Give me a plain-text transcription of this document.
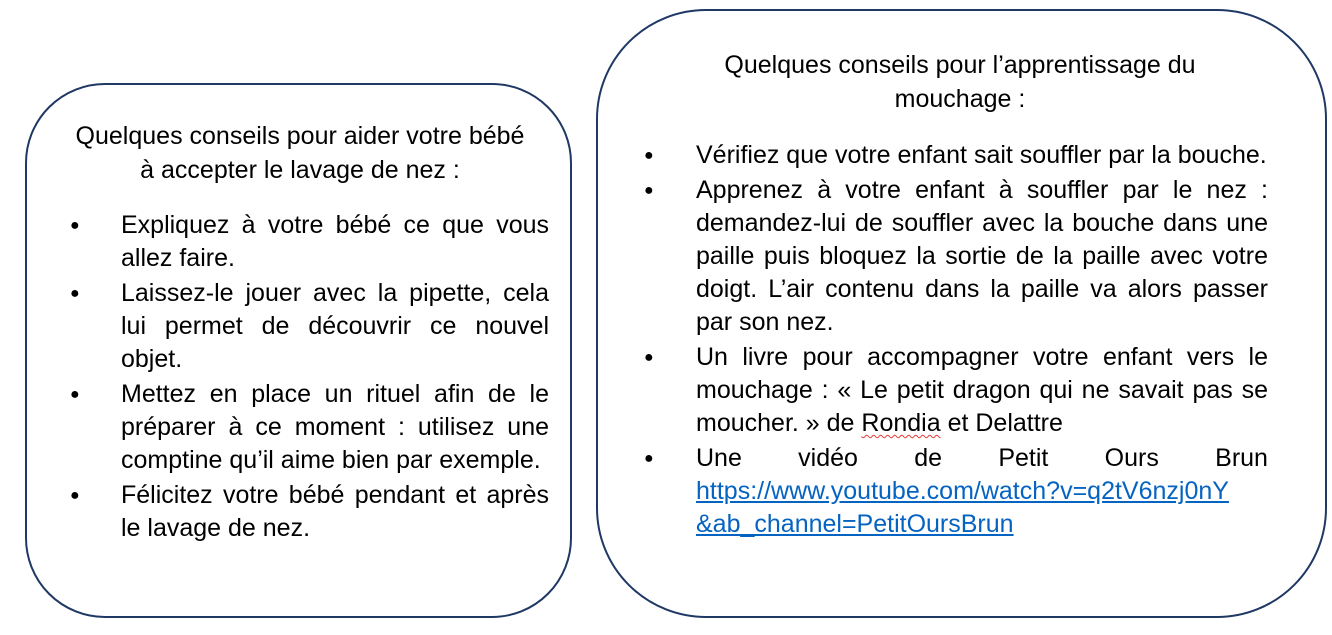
Quelques conseils pour aider votre bébé à accepter le lavage de nez :

● Expliquez à votre bébé ce que vous allez faire.
● Laissez-le jouer avec la pipette, cela lui permet de découvrir ce nouvel objet.
● Mettez en place un rituel afin de le préparer à ce moment : utilisez une comptine qu’il aime bien par exemple.
● Félicitez votre bébé pendant et après le lavage de nez.

Quelques conseils pour l’apprentissage du mouchage :

● Vérifiez que votre enfant sait souffler par la bouche.
● Apprenez à votre enfant à souffler par le nez : demandez-lui de souffler avec la bouche dans une paille puis bloquez la sortie de la paille avec votre doigt. L’air contenu dans la paille va alors passer par son nez.
● Un livre pour accompagner votre enfant vers le mouchage : « Le petit dragon qui ne savait pas se moucher. » de Rondia et Delattre
● Une vidéo de Petit Ours Brun
https://www.youtube.com/watch?v=q2tV6nzj0nY
&ab_channel=PetitOursBrun
